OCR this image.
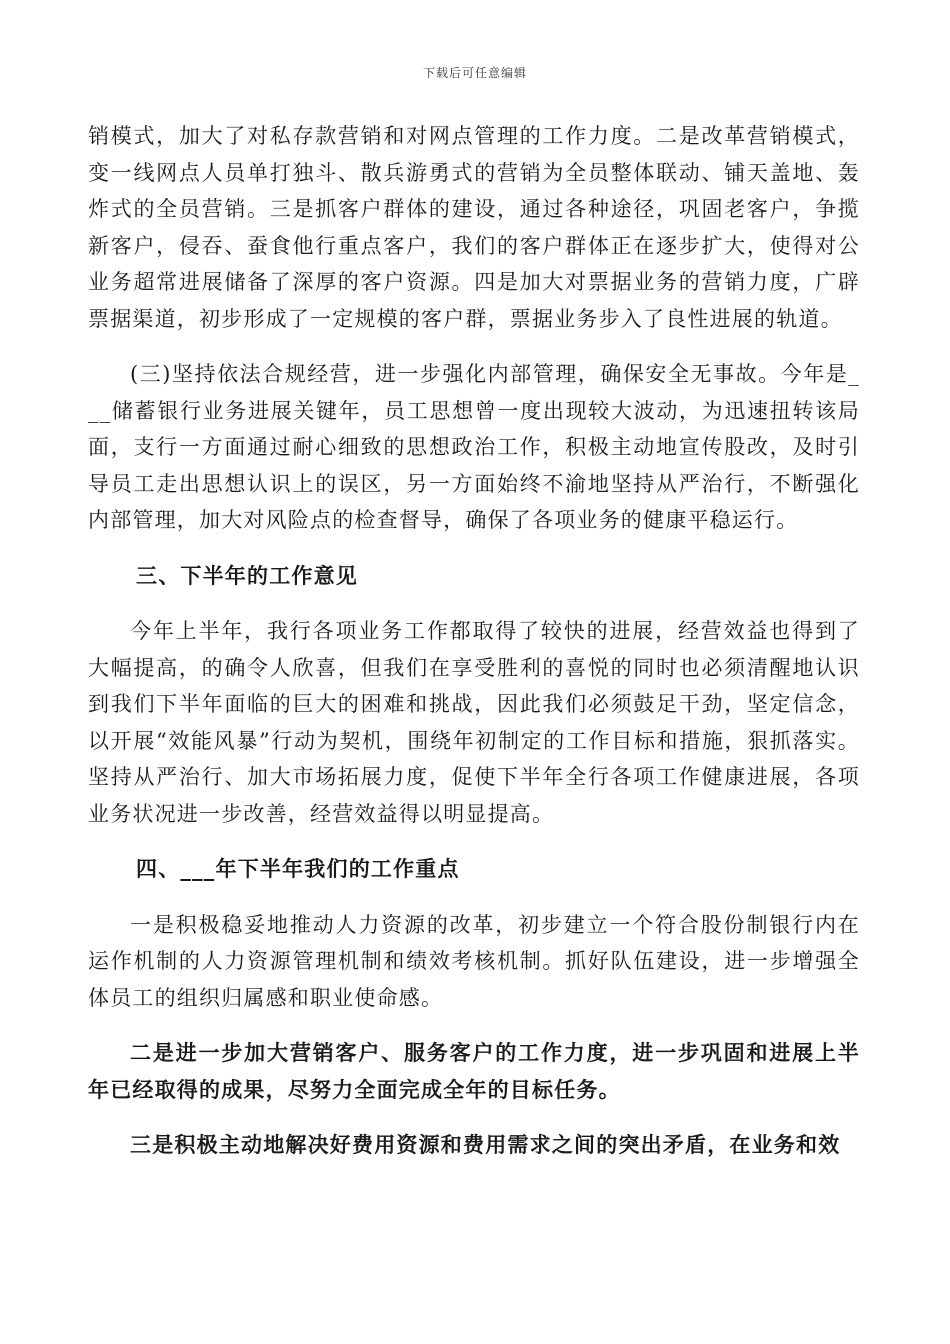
下载后可任意编辑

销模式，加大了对私存款营销和对网点管理的工作力度。二是改革营销模式，变一线网点人员单打独斗、散兵游勇式的营销为全员整体联动、铺天盖地、轰炸式的全员营销。三是抓客户群体的建设，通过各种途径，巩固老客户，争揽新客户，侵吞、蚕食他行重点客户，我们的客户群体正在逐步扩大，使得对公业务超常进展储备了深厚的客户资源。四是加大对票据业务的营销力度，广辟票据渠道，初步形成了一定规模的客户群，票据业务步入了良性进展的轨道。

(三)坚持依法合规经营，进一步强化内部管理，确保安全无事故。今年是___储蓄银行业务进展关键年，员工思想曾一度出现较大波动，为迅速扭转该局面，支行一方面通过耐心细致的思想政治工作，积极主动地宣传股改，及时引导员工走出思想认识上的误区，另一方面始终不渝地坚持从严治行，不断强化内部管理，加大对风险点的检查督导，确保了各项业务的健康平稳运行。

三、下半年的工作意见

今年上半年，我行各项业务工作都取得了较快的进展，经营效益也得到了大幅提高，的确令人欣喜，但我们在享受胜利的喜悦的同时也必须清醒地认识到我们下半年面临的巨大的困难和挑战，因此我们必须鼓足干劲，坚定信念，以开展“效能风暴”行动为契机，围绕年初制定的工作目标和措施，狠抓落实。坚持从严治行、加大市场拓展力度，促使下半年全行各项工作健康进展，各项业务状况进一步改善，经营效益得以明显提高。

四、___年下半年我们的工作重点

一是积极稳妥地推动人力资源的改革，初步建立一个符合股份制银行内在运作机制的人力资源管理机制和绩效考核机制。抓好队伍建设，进一步增强全体员工的组织归属感和职业使命感。

二是进一步加大营销客户、服务客户的工作力度，进一步巩固和进展上半年已经取得的成果，尽努力全面完成全年的目标任务。

三是积极主动地解决好费用资源和费用需求之间的突出矛盾，在业务和效
